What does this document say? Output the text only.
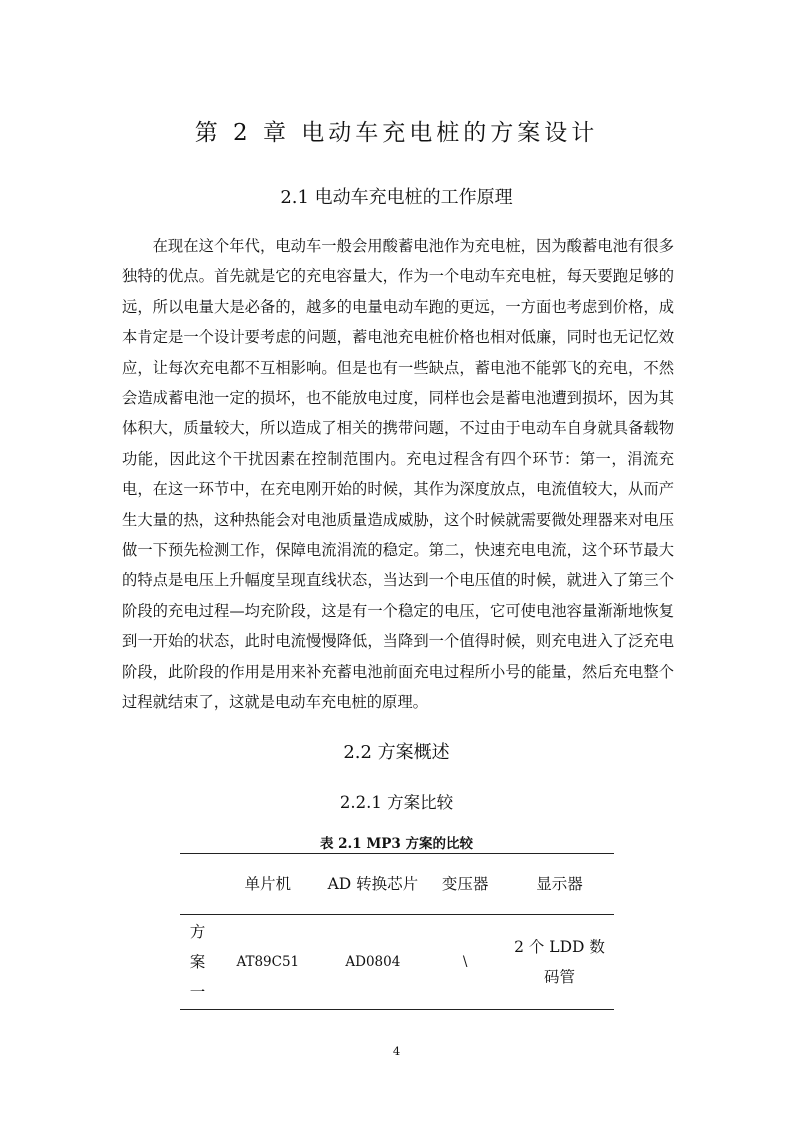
第 2 章 电动车充电桩的方案设计
2.1 电动车充电桩的工作原理

在现在这个年代，电动车一般会用酸蓄电池作为充电桩，因为酸蓄电池有很多独特的优点。首先就是它的充电容量大，作为一个电动车充电桩，每天要跑足够的远，所以电量大是必备的，越多的电量电动车跑的更远，一方面也考虑到价格，成本肯定是一个设计要考虑的问题，蓄电池充电桩价格也相对低廉，同时也无记忆效应，让每次充电都不互相影响。但是也有一些缺点，蓄电池不能郭飞的充电，不然会造成蓄电池一定的损坏，也不能放电过度，同样也会是蓄电池遭到损坏，因为其体积大，质量较大，所以造成了相关的携带问题，不过由于电动车自身就具备载物功能，因此这个干扰因素在控制范围内。充电过程含有四个环节：第一，涓流充电，在这一环节中，在充电刚开始的时候，其作为深度放点，电流值较大，从而产生大量的热，这种热能会对电池质量造成威胁，这个时候就需要微处理器来对电压做一下预先检测工作，保障电流涓流的稳定。第二，快速充电电流，这个环节最大的特点是电压上升幅度呈现直线状态，当达到一个电压值的时候，就进入了第三个阶段的充电过程—均充阶段，这是有一个稳定的电压，它可使电池容量渐渐地恢复到一开始的状态，此时电流慢慢降低，当降到一个值得时候，则充电进入了泛充电阶段，此阶段的作用是用来补充蓄电池前面充电过程所小号的能量，然后充电整个过程就结束了，这就是电动车充电桩的原理。

2.2 方案概述
2.2.1 方案比较
表 2.1 MP3 方案的比较
	单片机	AD 转换芯片	变压器	显示器
方案一	AT89C51	AD0804	\	2 个 LDD 数码管
4
